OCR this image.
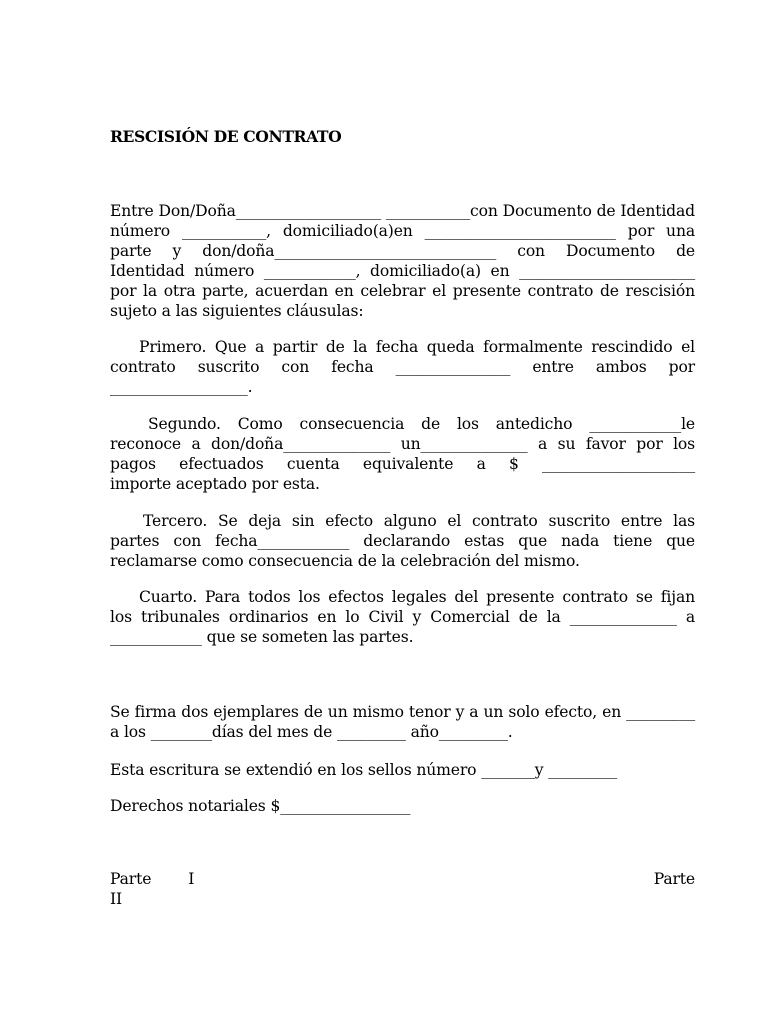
RESCISIÓN DE CONTRATO
Entre Don/Doña___________________ ___________con Documento de Identidad
número ___________, domiciliado(a)en _________________________ por una
parte y don/doña_____________________________ con Documento de
Identidad número ____________, domiciliado(a) en _______________________
por la otra parte, acuerdan en celebrar el presente contrato de rescisión
sujeto a las siguientes cláusulas:
Primero. Que a partir de la fecha queda formalmente rescindido el
contrato suscrito con fecha _______________ entre ambos por
__________________.
Segundo. Como consecuencia de los antedicho ____________le
reconoce a don/doña______________ un______________ a su favor por los
pagos efectuados cuenta equivalente a $ ____________________
importe aceptado por esta.
Tercero. Se deja sin efecto alguno el contrato suscrito entre las
partes con fecha____________ declarando estas que nada tiene que
reclamarse como consecuencia de la celebración del mismo.
Cuarto. Para todos los efectos legales del presente contrato se fijan
los tribunales ordinarios en lo Civil y Comercial de la ______________ a
____________ que se someten las partes.
Se firma dos ejemplares de un mismo tenor y a un solo efecto, en _________
a los ________días del mes de _________ año_________.
Esta escritura se extendió en los sellos número _______y _________
Derechos notariales $_________________
Parte I	Parte
II
